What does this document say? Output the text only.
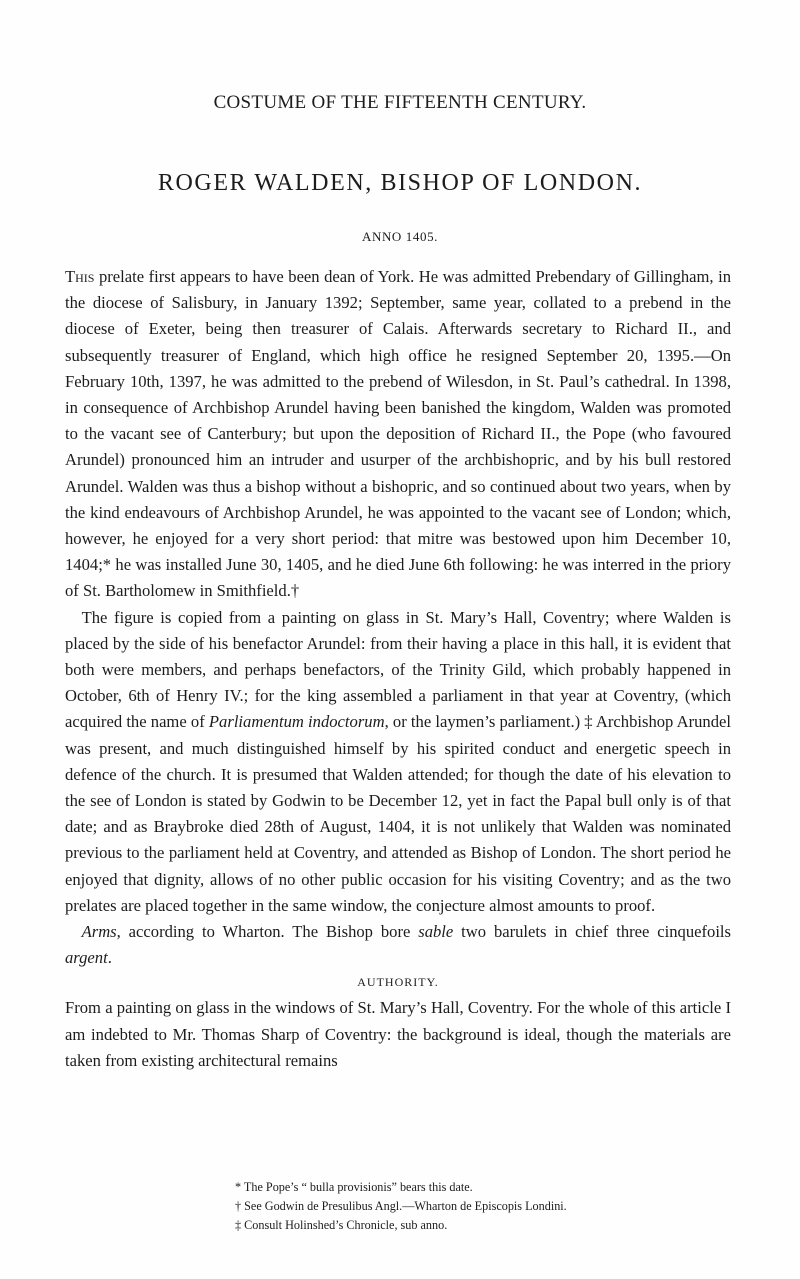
COSTUME OF THE FIFTEENTH CENTURY.
ROGER WALDEN, BISHOP OF LONDON.
ANNO 1405.

This prelate first appears to have been dean of York. He was admitted Prebendary of Gillingham, in the diocese of Salisbury, in January 1392; September, same year, collated to a prebend in the diocese of Exeter, being then treasurer of Calais. Afterwards secretary to Richard II., and subsequently treasurer of England, which high office he resigned September 20, 1395.—On February 10th, 1397, he was admitted to the prebend of Wilesdon, in St. Paul’s cathedral. In 1398, in consequence of Archbishop Arundel having been banished the kingdom, Walden was promoted to the vacant see of Canterbury; but upon the deposition of Richard II., the Pope (who favoured Arundel) pronounced him an intruder and usurper of the archbishopric, and by his bull restored Arundel. Walden was thus a bishop without a bishopric, and so continued about two years, when by the kind endeavours of Archbishop Arundel, he was appointed to the vacant see of London; which, however, he enjoyed for a very short period: that mitre was bestowed upon him December 10, 1404;* he was installed June 30, 1405, and he died June 6th following: he was interred in the priory of St. Bartholomew in Smithfield.†

 The figure is copied from a painting on glass in St. Mary’s Hall, Coventry; where Walden is placed by the side of his benefactor Arundel: from their having a place in this hall, it is evident that both were members, and perhaps benefactors, of the Trinity Gild, which probably happened in October, 6th of Henry IV.; for the king assembled a parliament in that year at Coventry, (which acquired the name of Parliamentum indoctorum, or the laymen’s parliament.) ‡ Archbishop Arundel was present, and much distinguished himself by his spirited conduct and energetic speech in defence of the church. It is presumed that Walden attended; for though the date of his elevation to the see of London is stated by Godwin to be December 12, yet in fact the Papal bull only is of that date; and as Braybroke died 28th of August, 1404, it is not unlikely that Walden was nominated previous to the parliament held at Coventry, and attended as Bishop of London. The short period he enjoyed that dignity, allows of no other public occasion for his visiting Coventry; and as the two prelates are placed together in the same window, the conjecture almost amounts to proof.

 Arms, according to Wharton. The Bishop bore sable two barulets in chief three cinquefoils argent.

AUTHORITY.

From a painting on glass in the windows of St. Mary’s Hall, Coventry. For the whole of this article I am indebted to Mr. Thomas Sharp of Coventry: the background is ideal, though the materials are taken from existing architectural remains

* The Pope’s “ bulla provisionis” bears this date.
† See Godwin de Presulibus Angl.—Wharton de Episcopis Londini.
‡ Consult Holinshed’s Chronicle, sub anno.
